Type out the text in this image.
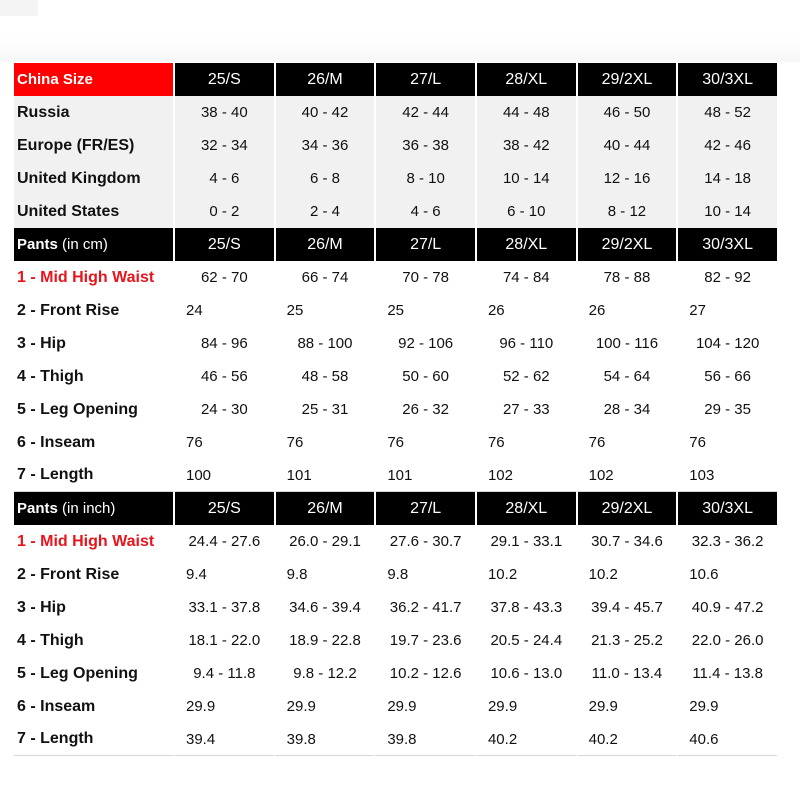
China Size	25/S	26/M	27/L	28/XL	29/2XL	30/3XL
Russia	38 - 40	40 - 42	42 - 44	44 - 48	46 - 50	48 - 52
Europe (FR/ES)	32 - 34	34 - 36	36 - 38	38 - 42	40 - 44	42 - 46
United Kingdom	4 - 6	6 - 8	8 - 10	10 - 14	12 - 16	14 - 18
United States	0 - 2	2 - 4	4 - 6	6 - 10	8 - 12	10 - 14
Pants (in cm)	25/S	26/M	27/L	28/XL	29/2XL	30/3XL
1 - Mid High Waist	62 - 70	66 - 74	70 - 78	74 - 84	78 - 88	82 - 92
2 - Front Rise	24	25	25	26	26	27
3 - Hip	84 - 96	88 - 100	92 - 106	96 - 110	100 - 116	104 - 120
4 - Thigh	46 - 56	48 - 58	50 - 60	52 - 62	54 - 64	56 - 66
5 - Leg Opening	24 - 30	25 - 31	26 - 32	27 - 33	28 - 34	29 - 35
6 - Inseam	76	76	76	76	76	76
7 - Length	100	101	101	102	102	103
Pants (in inch)	25/S	26/M	27/L	28/XL	29/2XL	30/3XL
1 - Mid High Waist	24.4 - 27.6	26.0 - 29.1	27.6 - 30.7	29.1 - 33.1	30.7 - 34.6	32.3 - 36.2
2 - Front Rise	9.4	9.8	9.8	10.2	10.2	10.6
3 - Hip	33.1 - 37.8	34.6 - 39.4	36.2 - 41.7	37.8 - 43.3	39.4 - 45.7	40.9 - 47.2
4 - Thigh	18.1 - 22.0	18.9 - 22.8	19.7 - 23.6	20.5 - 24.4	21.3 - 25.2	22.0 - 26.0
5 - Leg Opening	9.4 - 11.8	9.8 - 12.2	10.2 - 12.6	10.6 - 13.0	11.0 - 13.4	11.4 - 13.8
6 - Inseam	29.9	29.9	29.9	29.9	29.9	29.9
7 - Length	39.4	39.8	39.8	40.2	40.2	40.6
